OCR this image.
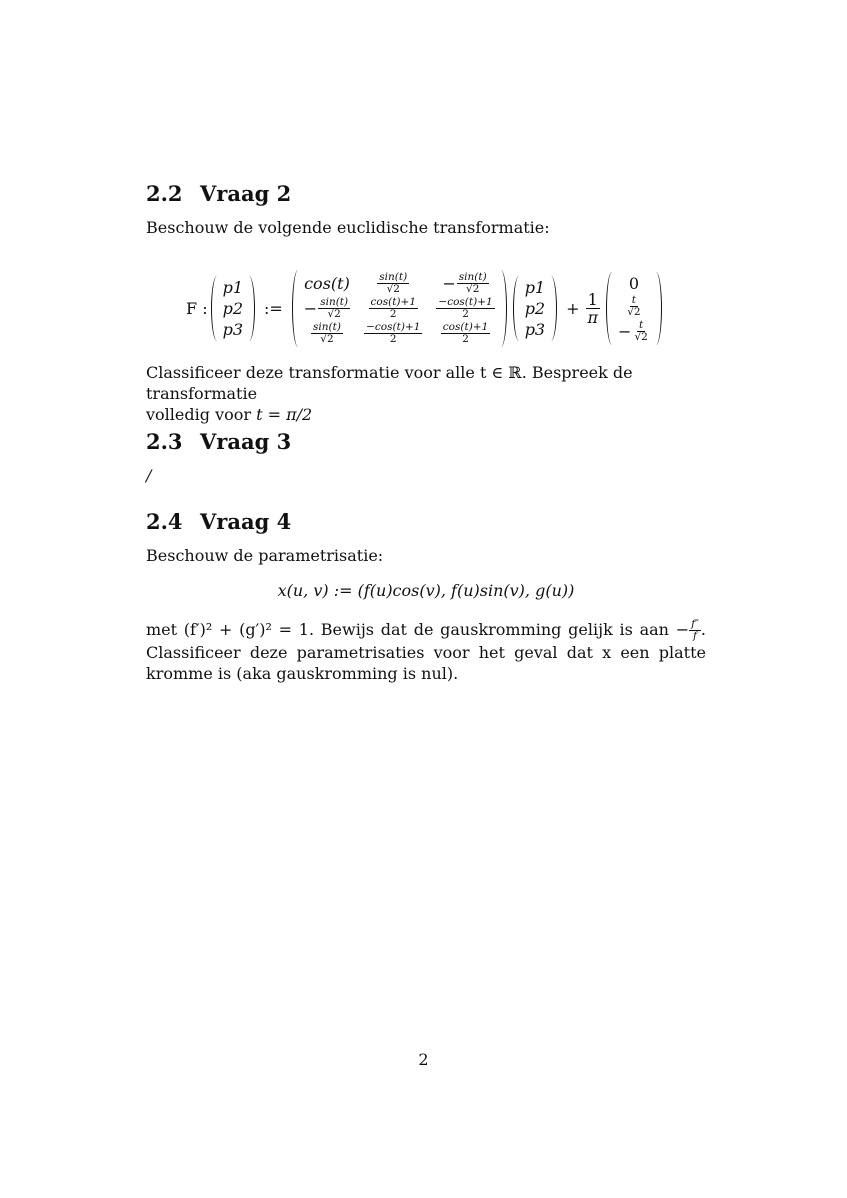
2.2 Vraag 2
Beschouw de volgende euclidische transformatie:
F :
p1
p2
p3
:=
cos(t)	$\frac{\sin(t)}{√2} - \frac{\sin(t)}{√2}$
− $\frac{\sin(t)}{√2} \frac{\cos(t)+1}{2} \frac{-\cos(t)+1}{2}$
$\frac{\sin(t)}{√2} \frac{-\cos(t)+1}{2} \frac{\cos(t)+1}{2}$
p1
p2
p3
+ $\frac{1}{\pi}$
0
$\frac{t}{√2}$
− $\frac{t}{√2}$
Classificeer deze transformatie voor alle t ∈ ℝ. Bespreek de transformatie
volledig voor t = π/2
2.3 Vraag 3
/
2.4 Vraag 4
Beschouw de parametrisatie:
x(u, v) := (f(u)cos(v), f(u)sin(v), g(u))
met (f′)² + (g′)² = 1. Bewijs dat de gauskromming gelijk is aan − $\frac{f''}{f}$ . Classificeer deze parametrisaties voor het geval dat x een platte kromme is (aka gauskromming is nul).
2
